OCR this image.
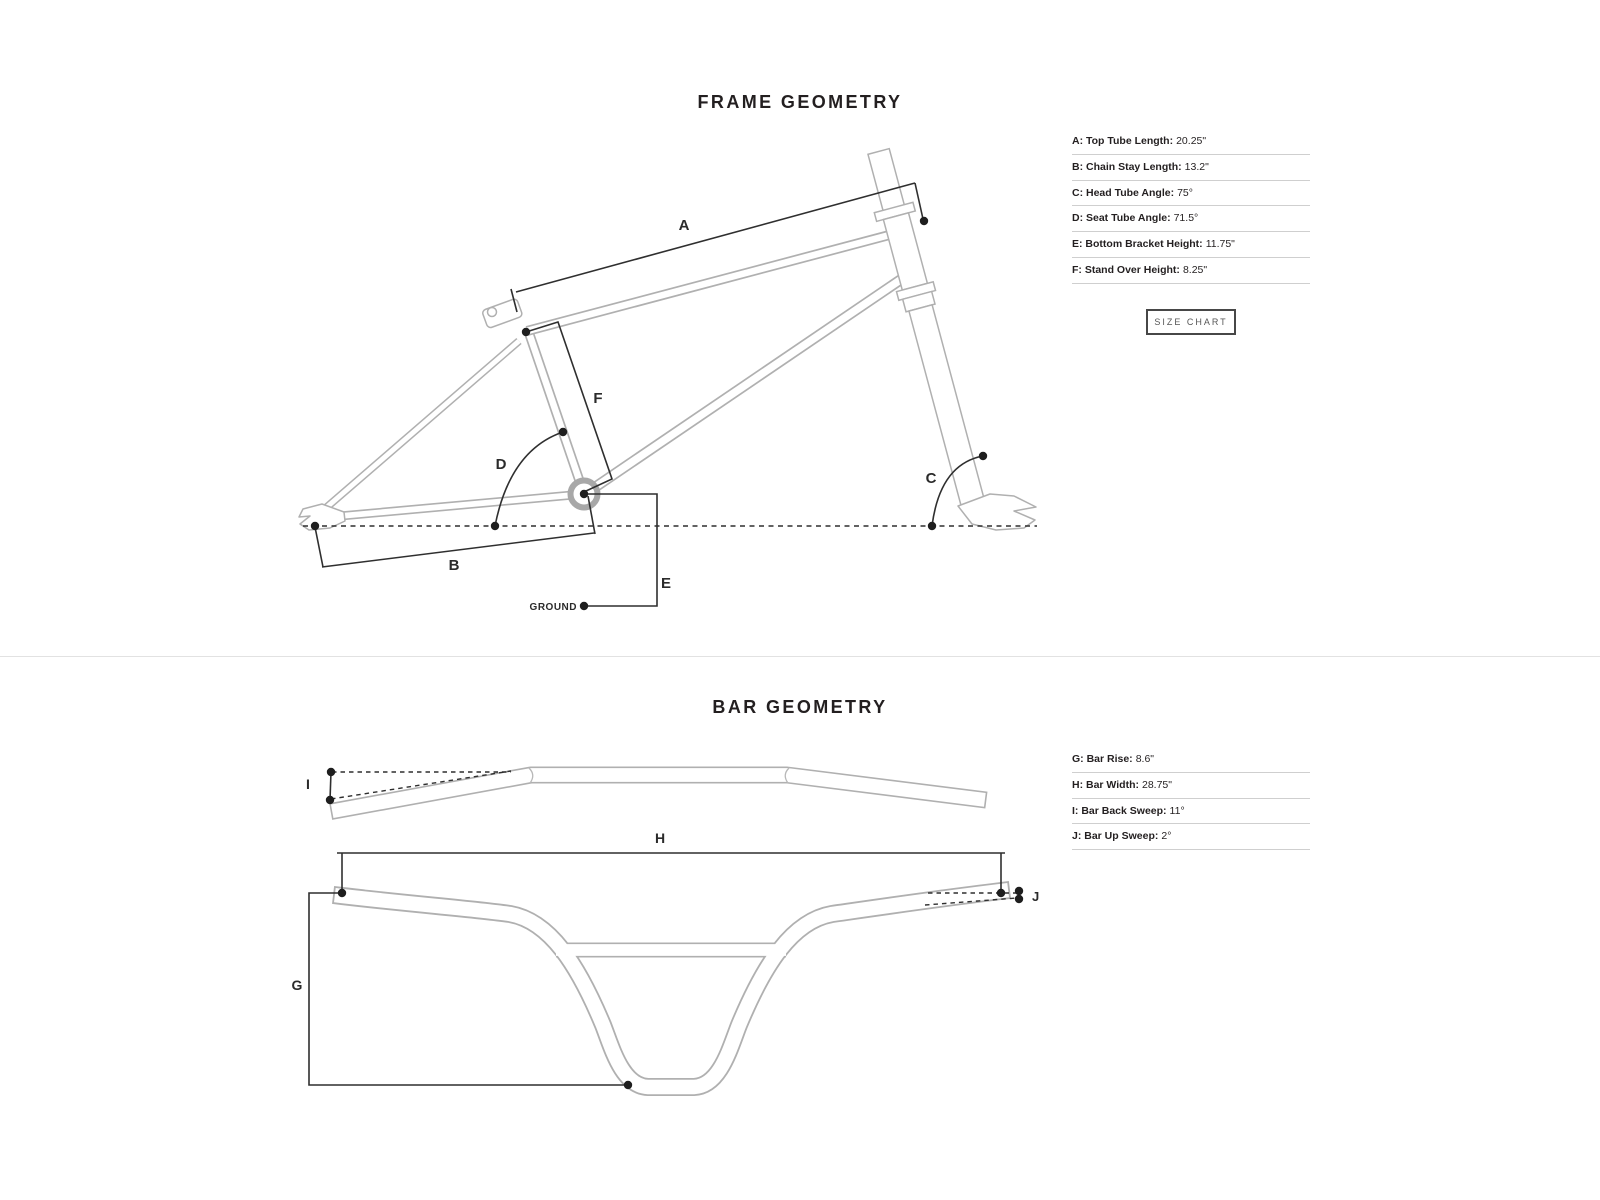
FRAME GEOMETRY
A
B
C
D
E
F
GROUND
A: Top Tube Length: 20.25"
B: Chain Stay Length: 13.2"
C: Head Tube Angle: 75°
D: Seat Tube Angle: 71.5°
E: Bottom Bracket Height: 11.75"
F: Stand Over Height: 8.25"
SIZE CHART
BAR GEOMETRY
I
H
G
J
G: Bar Rise: 8.6"
H: Bar Width: 28.75"
I: Bar Back Sweep: 11°
J: Bar Up Sweep: 2°
